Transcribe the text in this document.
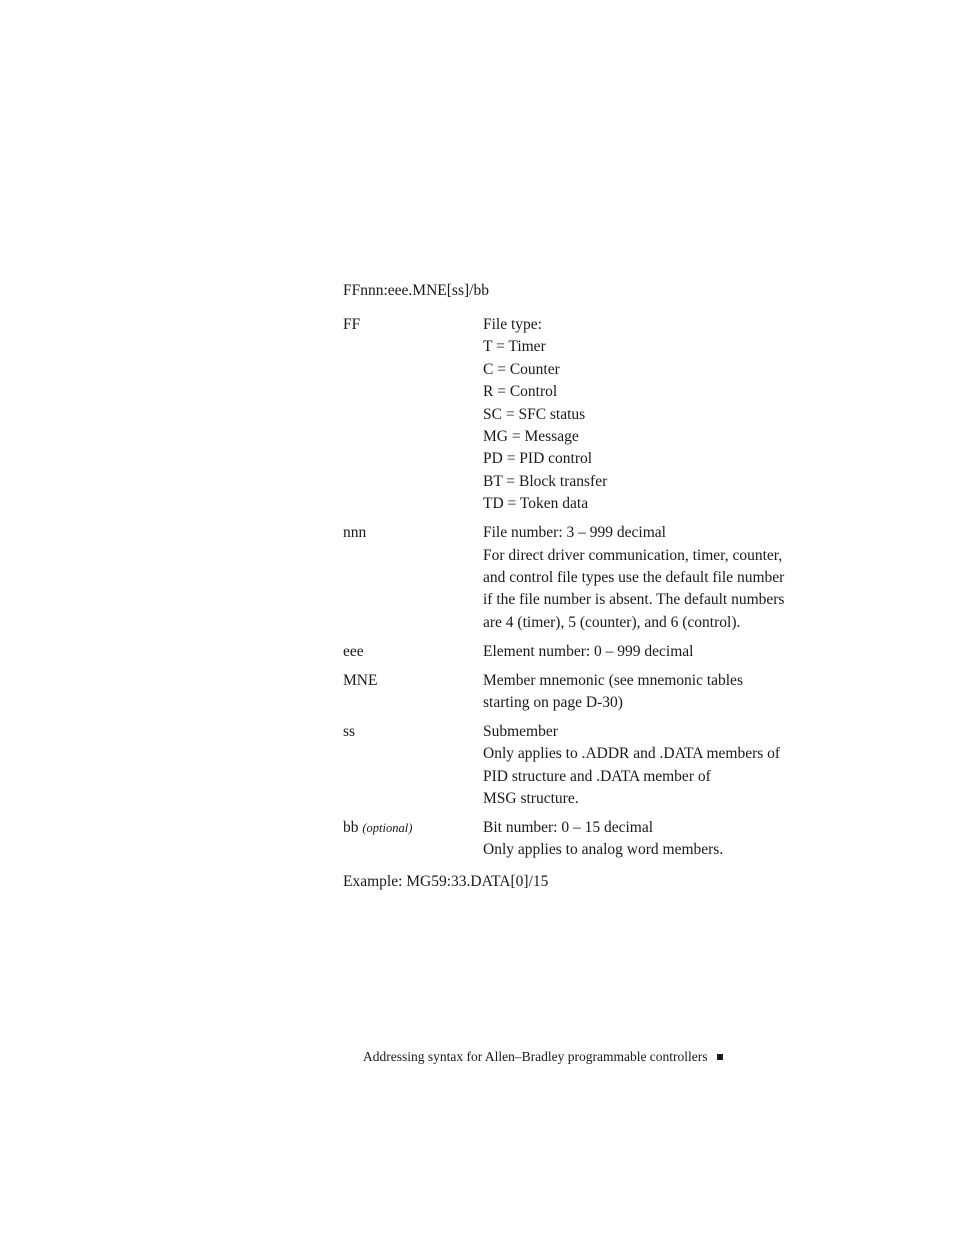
FFnnn:eee.MNE[ss]/bb
FF	File type:
T = Timer
C = Counter
R = Control
SC = SFC status
MG = Message
PD = PID control
BT = Block transfer
TD = Token data
nnn	File number: 3 – 999 decimal
For direct driver communication, timer, counter,
and control file types use the default file number
if the file number is absent. The default numbers
are 4 (timer), 5 (counter), and 6 (control).
eee	Element number: 0 – 999 decimal
MNE	Member mnemonic (see mnemonic tables
starting on page D-30)
ss	Submember
Only applies to .ADDR and .DATA members of
PID structure and .DATA member of
MSG structure.
bb (optional)	Bit number: 0 – 15 decimal
Only applies to analog word members.
Example: MG59:33.DATA[0]/15
Addressing syntax for Allen–Bradley programmable controllers
